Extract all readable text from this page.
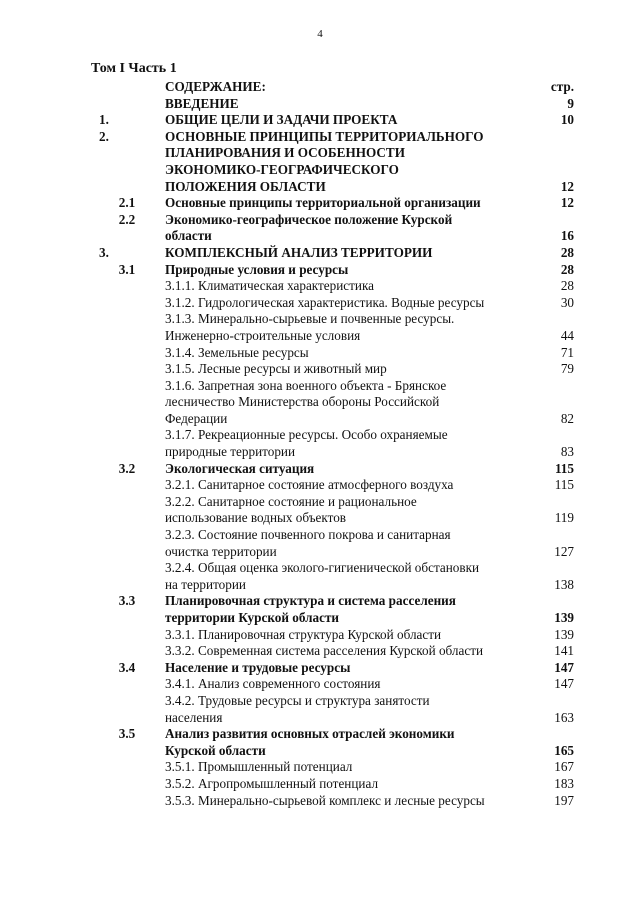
4
Том I Часть 1
СОДЕРЖАНИЕ:	стр.
ВВЕДЕНИЕ	9
1.	ОБЩИЕ ЦЕЛИ И ЗАДАЧИ ПРОЕКТА	10
2.	ОСНОВНЫЕ ПРИНЦИПЫ ТЕРРИТОРИАЛЬНОГО
ПЛАНИРОВАНИЯ И ОСОБЕННОСТИ
ЭКОНОМИКО-ГЕОГРАФИЧЕСКОГО
ПОЛОЖЕНИЯ ОБЛАСТИ	12
2.1	Основные принципы территориальной организации	12
2.2	Экономико-географическое положение Курской
области	16
3.	КОМПЛЕКСНЫЙ АНАЛИЗ ТЕРРИТОРИИ	28
3.1	Природные условия и ресурсы	28
3.1.1. Климатическая характеристика	28
3.1.2. Гидрологическая характеристика. Водные ресурсы	30
3.1.3. Минерально-сырьевые и почвенные ресурсы.
Инженерно-строительные условия	44
3.1.4. Земельные ресурсы	71
3.1.5. Лесные ресурсы и животный мир	79
3.1.6. Запретная зона военного объекта - Брянское
лесничество Министерства обороны Российской
Федерации	82
3.1.7. Рекреационные ресурсы. Особо охраняемые
природные территории	83
3.2	Экологическая ситуация	115
3.2.1. Санитарное состояние атмосферного воздуха	115
3.2.2. Санитарное состояние и рациональное
использование водных объектов	119
3.2.3. Состояние почвенного покрова и санитарная
очистка территории	127
3.2.4. Общая оценка эколого-гигиенической обстановки
на территории	138
3.3	Планировочная структура и система расселения
территории Курской области	139
3.3.1. Планировочная структура Курской области	139
3.3.2. Современная система расселения Курской области	141
3.4	Население и трудовые ресурсы	147
3.4.1. Анализ современного состояния	147
3.4.2. Трудовые ресурсы и структура занятости
населения	163
3.5	Анализ развития основных отраслей экономики
Курской области	165
3.5.1. Промышленный потенциал	167
3.5.2. Агропромышленный потенциал	183
3.5.3. Минерально-сырьевой комплекс и лесные ресурсы	197
